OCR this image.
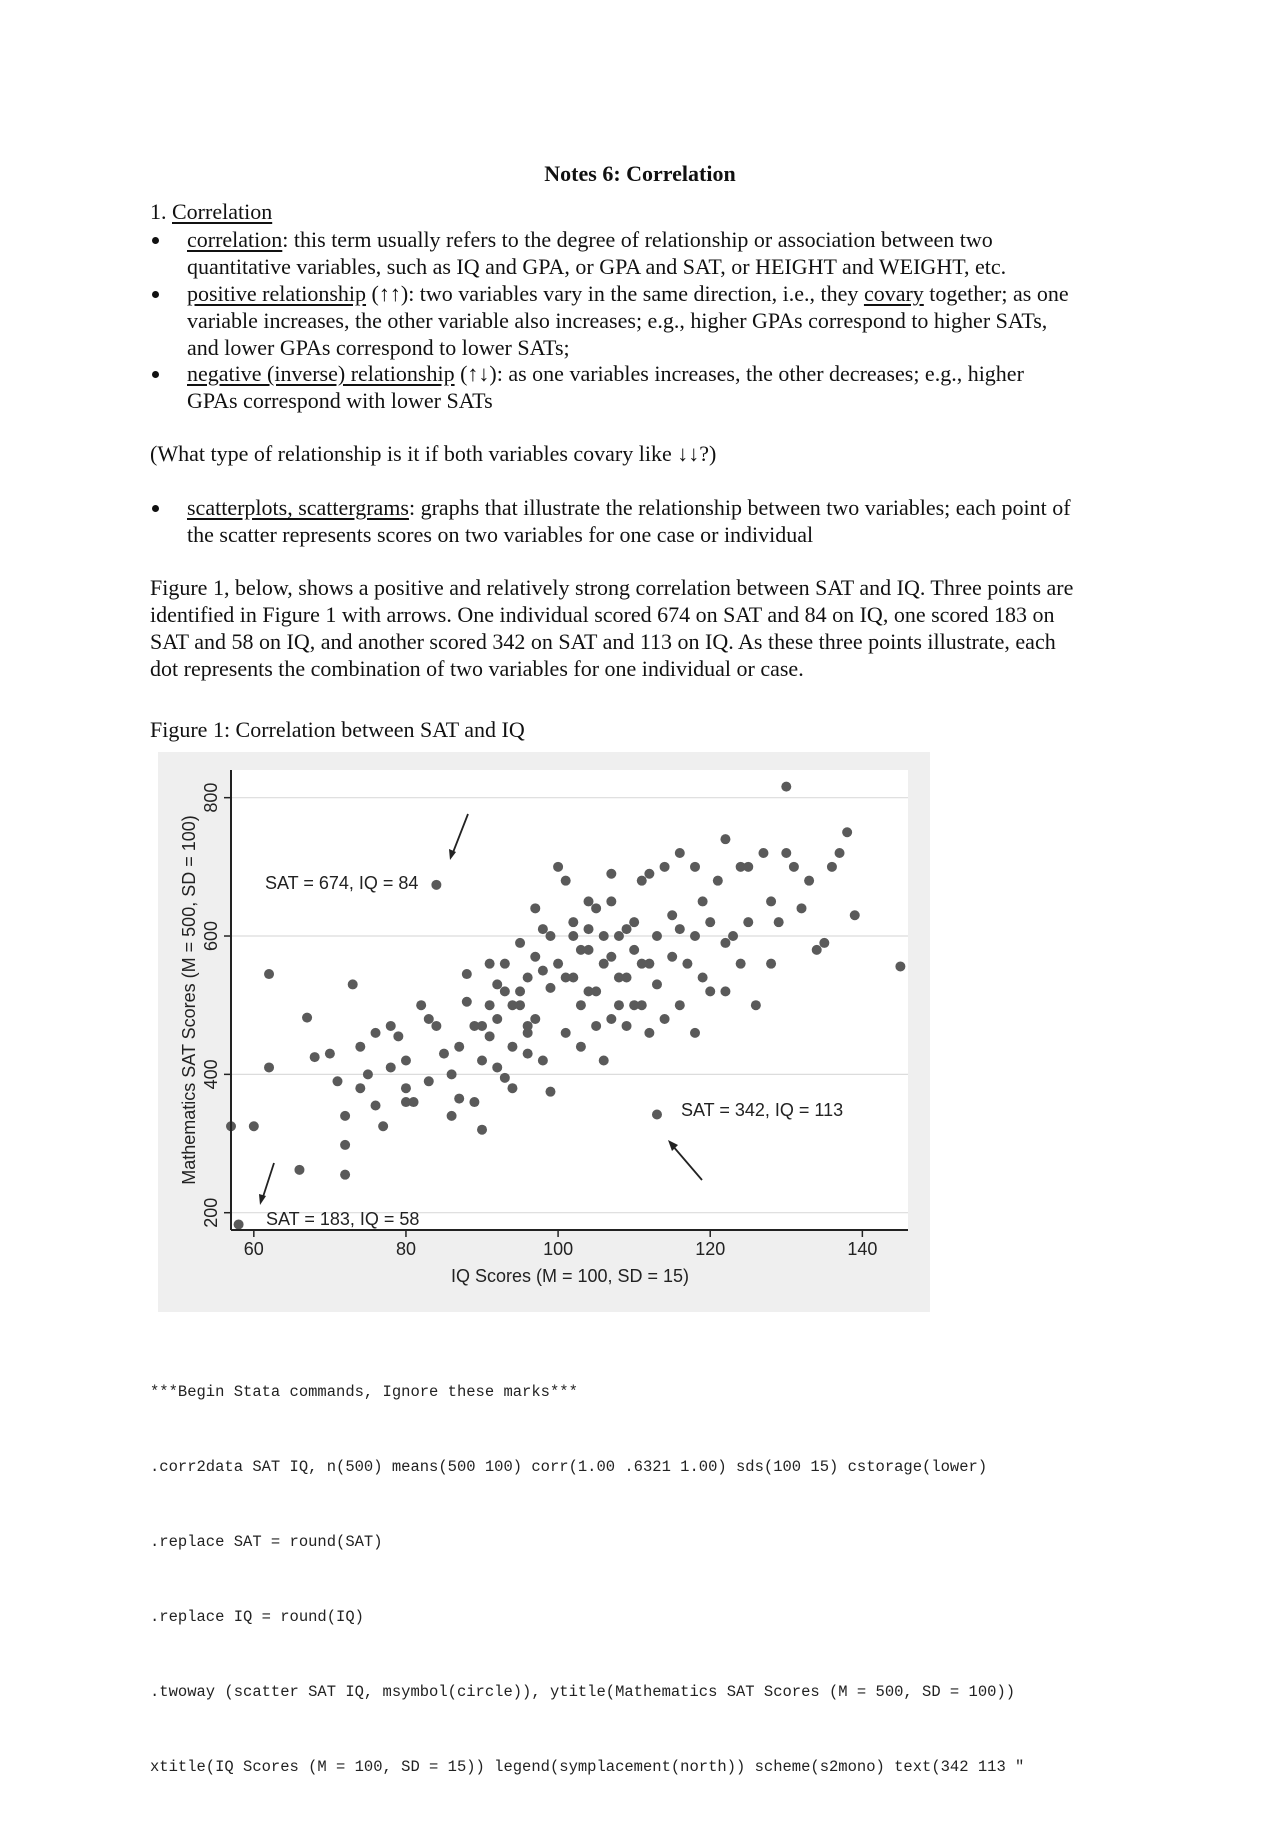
Notes 6: Correlation
1. Correlation
correlation: this term usually refers to the degree of relationship or association between two
quantitative variables, such as IQ and GPA, or GPA and SAT, or HEIGHT and WEIGHT, etc.
positive relationship (↑↑): two variables vary in the same direction, i.e., they covary together; as one
variable increases, the other variable also increases; e.g., higher GPAs correspond to higher SATs,
and lower GPAs correspond to lower SATs;
negative (inverse) relationship (↑↓): as one variables increases, the other decreases; e.g., higher
GPAs correspond with lower SATs
(What type of relationship is it if both variables covary like ↓↓?)
scatterplots, scattergrams: graphs that illustrate the relationship between two variables; each point of
the scatter represents scores on two variables for one case or individual
Figure 1, below, shows a positive and relatively strong correlation between SAT and IQ. Three points are
identified in Figure 1 with arrows. One individual scored 674 on SAT and 84 on IQ, one scored 183 on
SAT and 58 on IQ, and another scored 342 on SAT and 113 on IQ. As these three points illustrate, each
dot represents the combination of two variables for one individual or case.
Figure 1: Correlation between SAT and IQ
60	80	100	120	140
200
400
600
800
IQ Scores (M = 100, SD = 15)
Mathematics SAT Scores (M = 500, SD = 100)	SAT = 674, IQ = 84
SAT = 183, IQ = 58
SAT = 342, IQ = 113

***Begin Stata commands, Ignore these marks***

.corr2data SAT IQ, n(500) means(500 100) corr(1.00 .6321 1.00) sds(100 15) cstorage(lower)

.replace SAT = round(SAT)

.replace IQ = round(IQ)

.twoway (scatter SAT IQ, msymbol(circle)), ytitle(Mathematics SAT Scores (M = 500, SD = 100))

xtitle(IQ Scores (M = 100, SD = 15)) legend(symplacement(north)) scheme(s2mono) text(342 113 "
